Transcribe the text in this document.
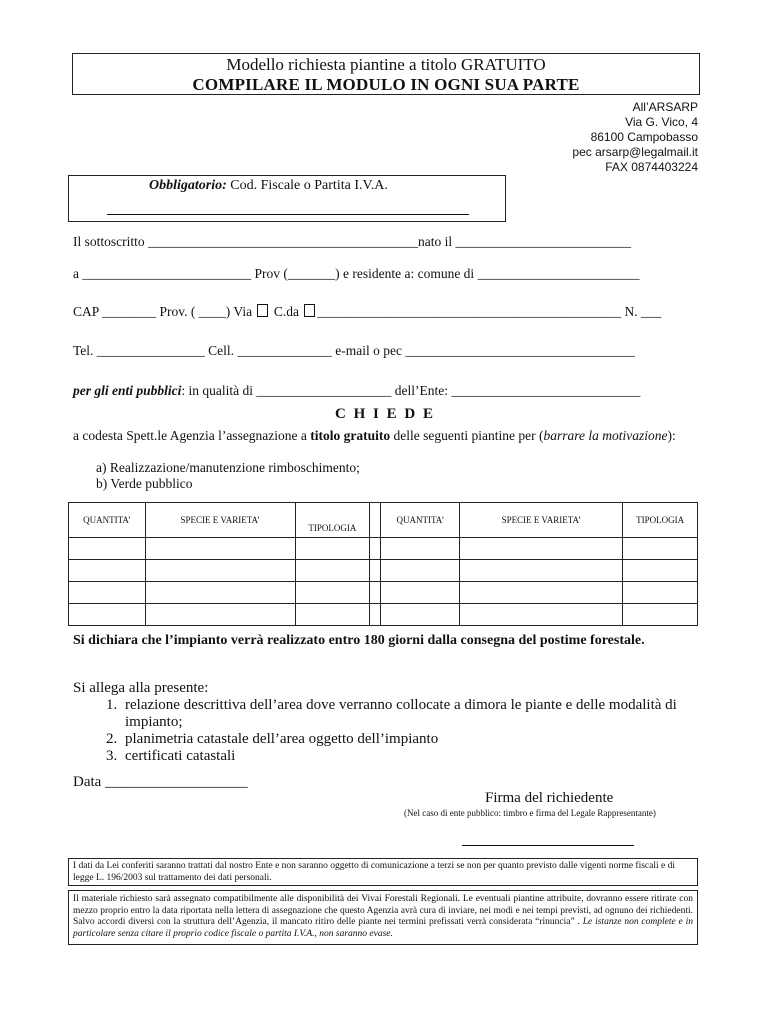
Modello richiesta piantine a titolo GRATUITO
COMPILARE IL MODULO IN OGNI SUA PARTE
All’ARSARP
Via G. Vico, 4
86100 Campobasso
pec arsarp@legalmail.it
FAX 0874403224
Obbligatorio: Cod. Fiscale o Partita I.V.A.
Il sottoscritto ________________________________________nato il __________________________
a _________________________ Prov (_______) e residente a: comune di ________________________
CAP ________ Prov. ( ____) Via C.da _____________________________________________ N. ___
Tel. ________________ Cell. ______________ e-mail o pec __________________________________
per gli enti pubblici: in qualità di ____________________ dell’Ente: ____________________________
C H I E D E
a codesta Spett.le Agenzia l’assegnazione a titolo gratuito delle seguenti piantine per (barrare la motivazione):
a) Realizzazione/manutenzione rimboschimento;
b) Verde pubblico
QUANTITA’	SPECIE E VARIETA’	TIPOLOGIA		QUANTITA’	SPECIE E VARIETA’	TIPOLOGIA

Si dichiara che l’impianto verrà realizzato entro 180 giorni dalla consegna del postime forestale.
Si allega alla presente:
1. relazione descrittiva dell’area dove verranno collocate a dimora le piante e delle modalità di impianto;
2. planimetria catastale dell’area oggetto dell’impianto
3. certificati catastali
Data ___________________
Firma del richiedente
(Nel caso di ente pubblico: timbro e firma del Legale Rappresentante)
I dati da Lei conferiti saranno trattati dal nostro Ente e non saranno oggetto di comunicazione a terzi se non per quanto previsto dalle vigenti norme fiscali e di legge L. 196/2003 sul trattamento dei dati personali.
Il materiale richiesto sarà assegnato compatibilmente alle disponibilità dei Vivai Forestali Regionali. Le eventuali piantine attribuite, dovranno essere ritirate con mezzo proprio entro la data riportata nella lettera di assegnazione che questo Agenzia avrà cura di inviare, nei modi e nei tempi previsti, ad ognuno dei richiedenti. Salvo accordi diversi con la struttura dell’Agenzia, il mancato ritiro delle piante nei termini prefissati verrà considerata “rinuncia” . Le istanze non complete e in particolare senza citare il proprio codice fiscale o partita I.V.A., non saranno evase.
